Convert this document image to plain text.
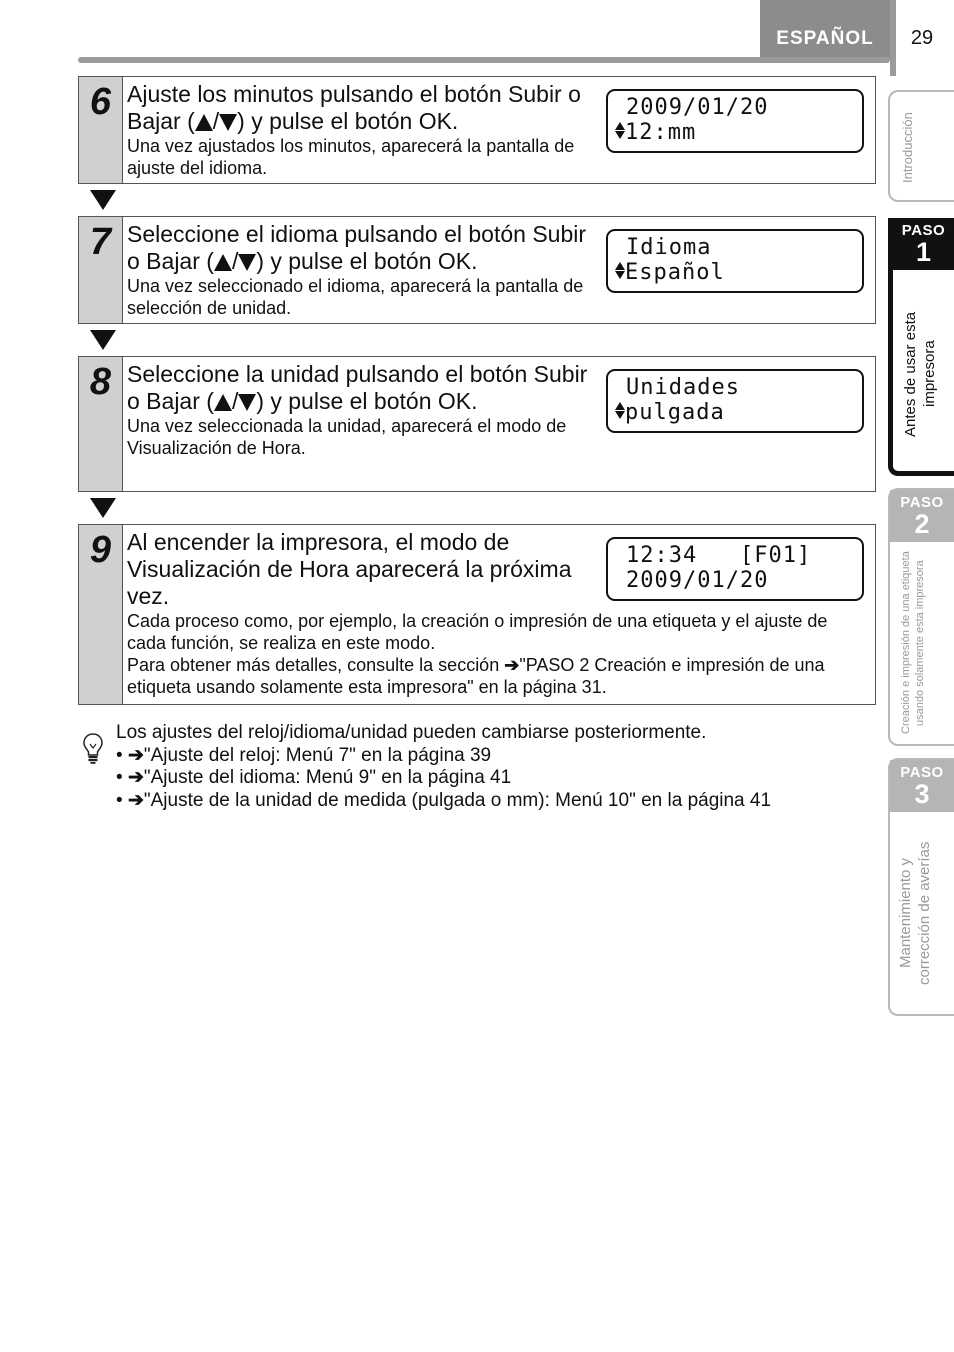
ESPAÑOL	29
6 Ajuste los minutos pulsando el botón Subir o Bajar ( / ) y pulse el botón OK.

Una vez ajustados los minutos, aparecerá la pantalla de ajuste del idioma.

2009/01/20

12:mm
7 Seleccione el idioma pulsando el botón Subir o Bajar ( / ) y pulse el botón OK.

Una vez seleccionado el idioma, aparecerá la pantalla de selección de unidad.

Idioma

Español
8 Seleccione la unidad pulsando el botón Subir o Bajar ( / ) y pulse el botón OK.

Una vez seleccionada la unidad, aparecerá el modo de Visualización de Hora.

Unidades

pulgada
9 Al encender la impresora, el modo de Visualización de Hora aparecerá la próxima vez.

Cada proceso como, por ejemplo, la creación o impresión de una etiqueta y el ajuste de cada función, se realiza en este modo.

Para obtener más detalles, consulte la sección ➔"PASO 2 Creación e impresión de una etiqueta usando solamente esta impresora" en la página 31.

12:34   [F01]
2009/01/20

Los ajustes del reloj/idioma/unidad pueden cambiarse posteriormente.

• ➔"Ajuste del reloj: Menú 7" en la página 39

• ➔"Ajuste del idioma: Menú 9" en la página 41

• ➔"Ajuste de la unidad de medida (pulgada o mm): Menú 10" en la página 41

Introducción
PASO
1
Antes de usar esta impresora
PASO
2
Creación e impresión de una etiqueta usando solamente esta impresora
PASO
3
Mantenimiento y corrección de averías
